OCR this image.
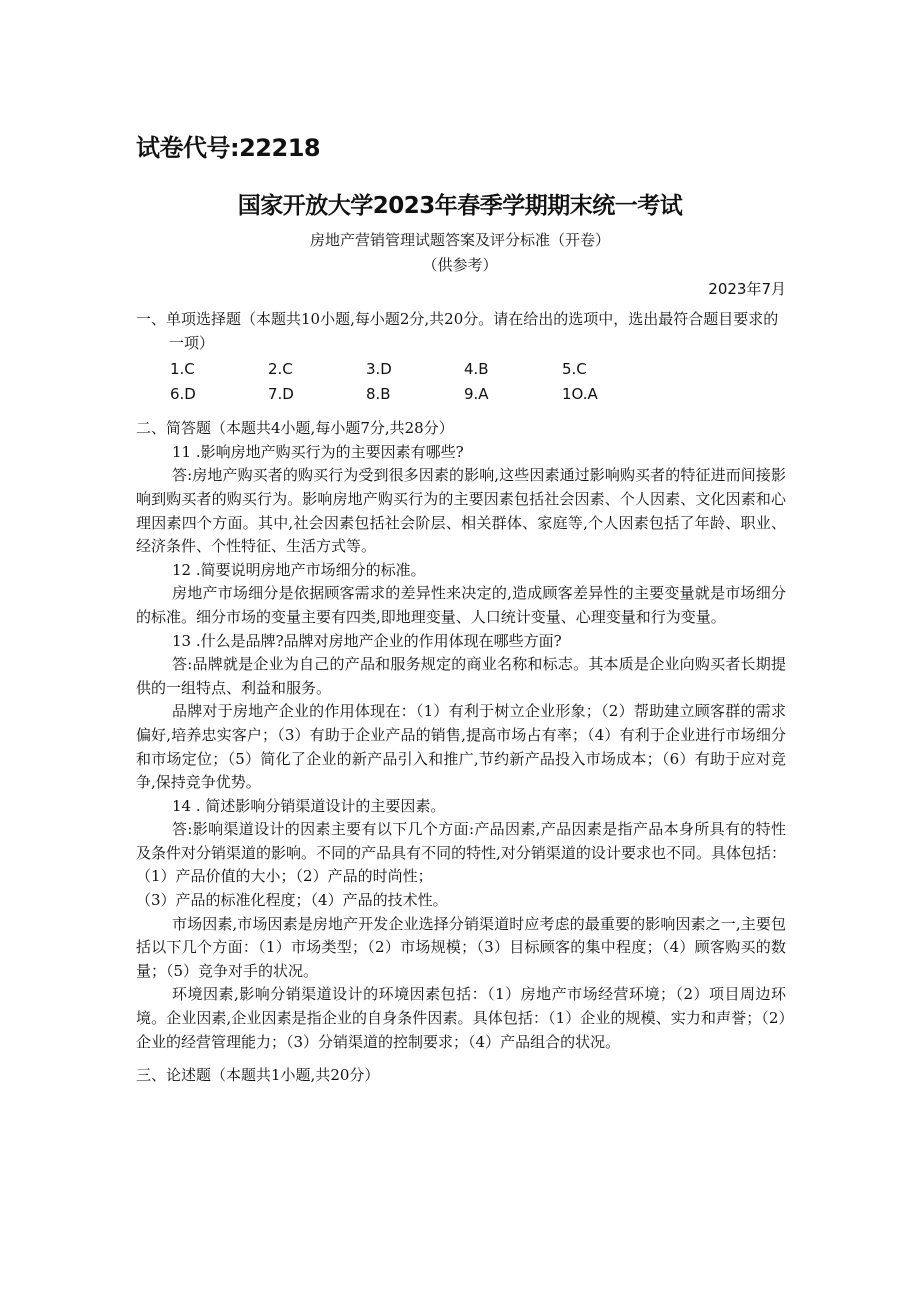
试卷代号:22218
国家开放大学2023年春季学期期末统一考试
房地产营销管理试题答案及评分标准（开卷）
（供参考）
2023年7月

一、单项选择题（本题共10小题,每小题2分,共20分。请在给出的选项中，选出最符合题目要求的一项）

1.C	2.C	3.D	4.B	5.C
6.D	7.D	8.B	9.A	1O.A

二、简答题（本题共4小题,每小题7分,共28分）

11 .影响房地产购买行为的主要因素有哪些?

答:房地产购买者的购买行为受到很多因素的影响,这些因素通过影响购买者的特征进而间接影响到购买者的购买行为。影响房地产购买行为的主要因素包括社会因素、个人因素、文化因素和心理因素四个方面。其中,社会因素包括社会阶层、相关群体、家庭等,个人因素包括了年龄、职业、经济条件、个性特征、生活方式等。

12 .简要说明房地产市场细分的标准。

房地产市场细分是依据顾客需求的差异性来决定的,造成顾客差异性的主要变量就是市场细分的标准。细分市场的变量主要有四类,即地理变量、人口统计变量、心理变量和行为变量。

13 .什么是品牌?品牌对房地产企业的作用体现在哪些方面?

答:品牌就是企业为自己的产品和服务规定的商业名称和标志。其本质是企业向购买者长期提供的一组特点、利益和服务。

品牌对于房地产企业的作用体现在：（1）有利于树立企业形象；（2）帮助建立顾客群的需求偏好,培养忠实客户；（3）有助于企业产品的销售,提高市场占有率；（4）有利于企业进行市场细分和市场定位；（5）简化了企业的新产品引入和推广,节约新产品投入市场成本；（6）有助于应对竞争,保持竞争优势。

14 . 简述影响分销渠道设计的主要因素。

答:影响渠道设计的因素主要有以下几个方面:产品因素,产品因素是指产品本身所具有的特性及条件对分销渠道的影响。不同的产品具有不同的特性,对分销渠道的设计要求也不同。具体包括：（1）产品价值的大小；（2）产品的时尚性；

（3）产品的标准化程度；（4）产品的技术性。

市场因素,市场因素是房地产开发企业选择分销渠道时应考虑的最重要的影响因素之一,主要包括以下几个方面：（1）市场类型；（2）市场规模；（3）目标顾客的集中程度；（4）顾客购买的数量；（5）竞争对手的状况。

环境因素,影响分销渠道设计的环境因素包括：（1）房地产市场经营环境；（2）项目周边环境。企业因素,企业因素是指企业的自身条件因素。具体包括：（1）企业的规模、实力和声誉；（2）企业的经营管理能力；（3）分销渠道的控制要求；（4）产品组合的状况。

三、论述题（本题共1小题,共20分）
